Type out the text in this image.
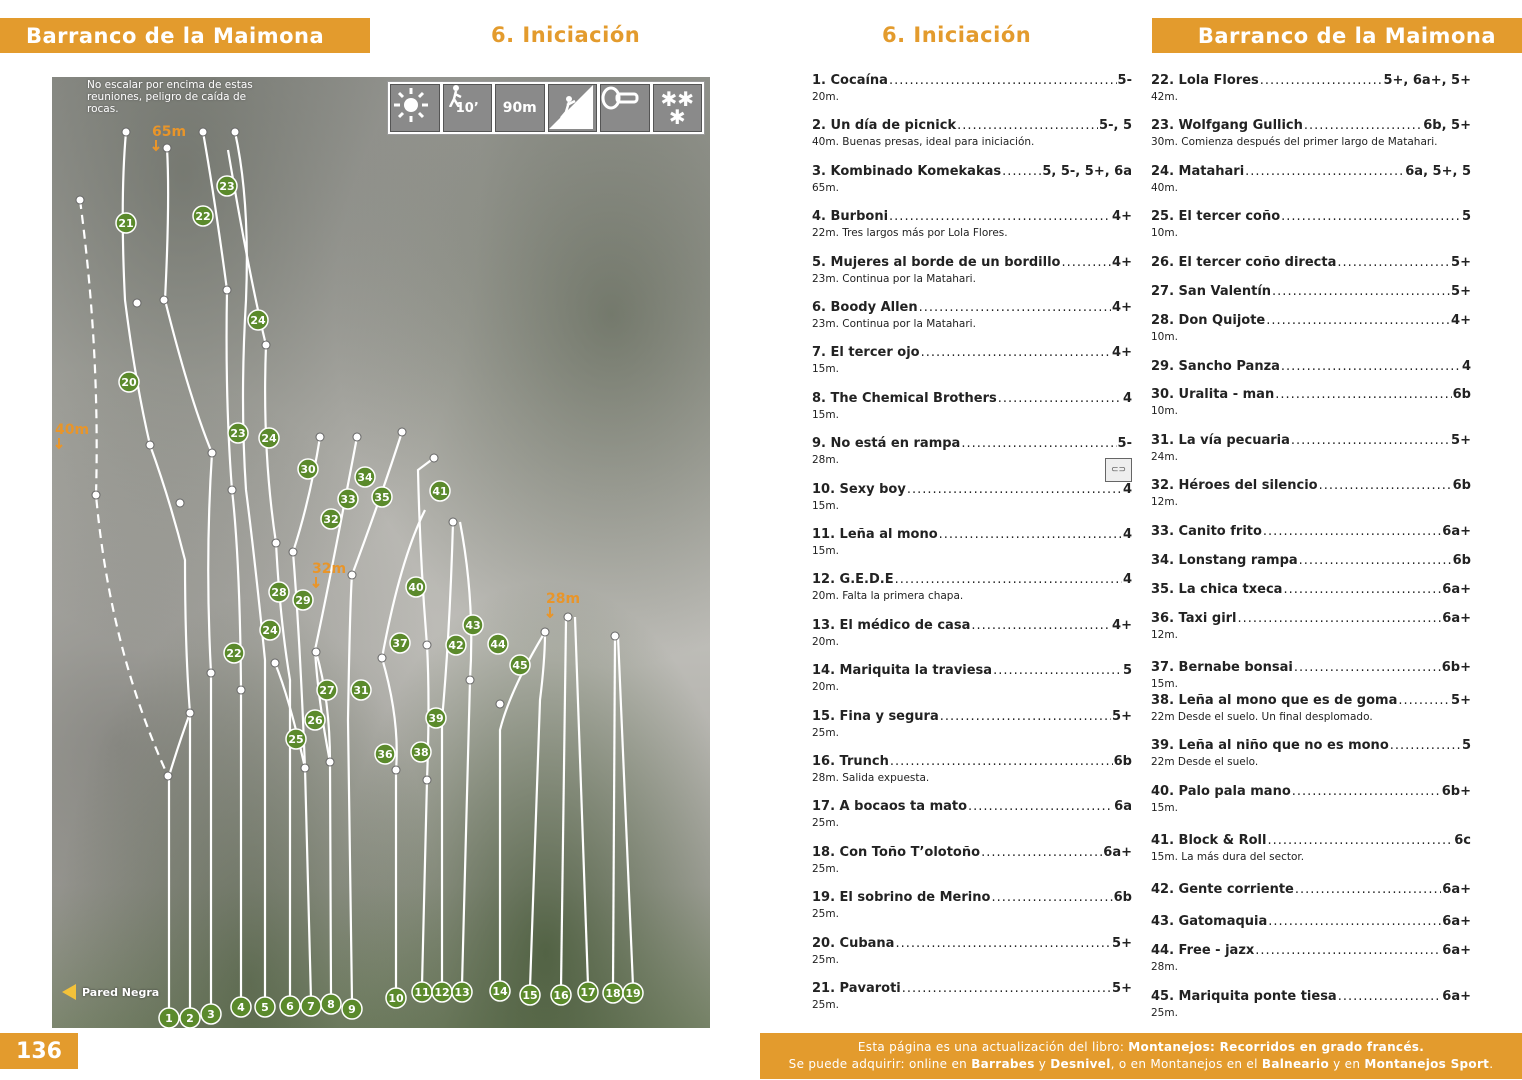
Barranco de la Maimona	6. Iniciación	6. Iniciación	Barranco de la Maimona
65m
40m
32m
28m
1 2 3
4 5 6 7 8 9
10 11 12 13 14 15 16 17 18 19
20
21
22
22
23
23
24
24
24
25
26
27
28
29
30
31
32
33
34
35
36
37
38
39
40
41
42
43
44
45
No escalar por encima de estas reuniones, peligro de caída de rocas.	10’ 90m	✱✱
✱
Pared Negra
136
1. Cocaína .....	5-
20m.
2. Un día de picnick .....	5-, 5
40m. Buenas presas, ideal para iniciación.
3. Kombinado Komekakas .....	5, 5-, 5+, 6a
65m.
4. Burboni .....	4+
22m. Tres largos más por Lola Flores.
5. Mujeres al borde de un bordillo .....	4+
23m. Continua por la Matahari.
6. Boody Allen .....	4+
23m. Continua por la Matahari.
7. El tercer ojo .....	4+
15m.
8. The Chemical Brothers .....	4
15m.
9. No está en rampa .....	5-
28m.
10. Sexy boy .....	4
15m.
11. Leña al mono .....	4
15m.
12. G.E.D.E .....	4
20m. Falta la primera chapa.
13. El médico de casa .....	4+
20m.
14. Mariquita la traviesa .....	5
20m.
15. Fina y segura .....	5+
25m.
16. Trunch .....	6b
28m. Salida expuesta.
17. A bocaos ta mato .....	6a
25m.
18. Con Toño T’olotoño .....	6a+
25m.
19. El sobrino de Merino .....	6b
25m.
20. Cubana .....	5+
25m.
21. Pavaroti .....	5+
25m.
22. Lola Flores .....	5+, 6a+, 5+
42m.
23. Wolfgang Gullich .....	6b, 5+
30m. Comienza después del primer largo de Matahari.
24. Matahari .....	6a, 5+, 5
40m.
25. El tercer coño .....	5
10m.
26. El tercer coño directa .....	5+
27. San Valentín .....	5+
28. Don Quijote .....	4+
10m.
29. Sancho Panza .....	4
30. Uralita - man .....	6b
10m.
31. La vía pecuaria .....	5+
24m.
32. Héroes del silencio .....	6b
12m.
33. Canito frito .....	6a+
34. Lonstang rampa .....	6b
35. La chica txeca .....	6a+
36. Taxi girl .....	6a+
12m.
37. Bernabe bonsai .....	6b+
15m.
38. Leña al mono que es de goma .....	5+
22m Desde el suelo. Un final desplomado.
39. Leña al niño que no es mono .....	5
22m Desde el suelo.
40. Palo pala mano .....	6b+
15m.
41. Block & Roll .....	6c
15m. La más dura del sector.
42. Gente corriente .....	6a+
43. Gatomaquia .....	6a+
44. Free - jazx .....	6a+
28m.
45. Mariquita ponte tiesa .....	6a+
25m.
⊂⊃
Esta página es una actualización del libro: Montanejos: Recorridos en grado francés.
Se puede adquirir: online en Barrabes y Desnivel, o en Montanejos en el Balneario y en Montanejos Sport.
